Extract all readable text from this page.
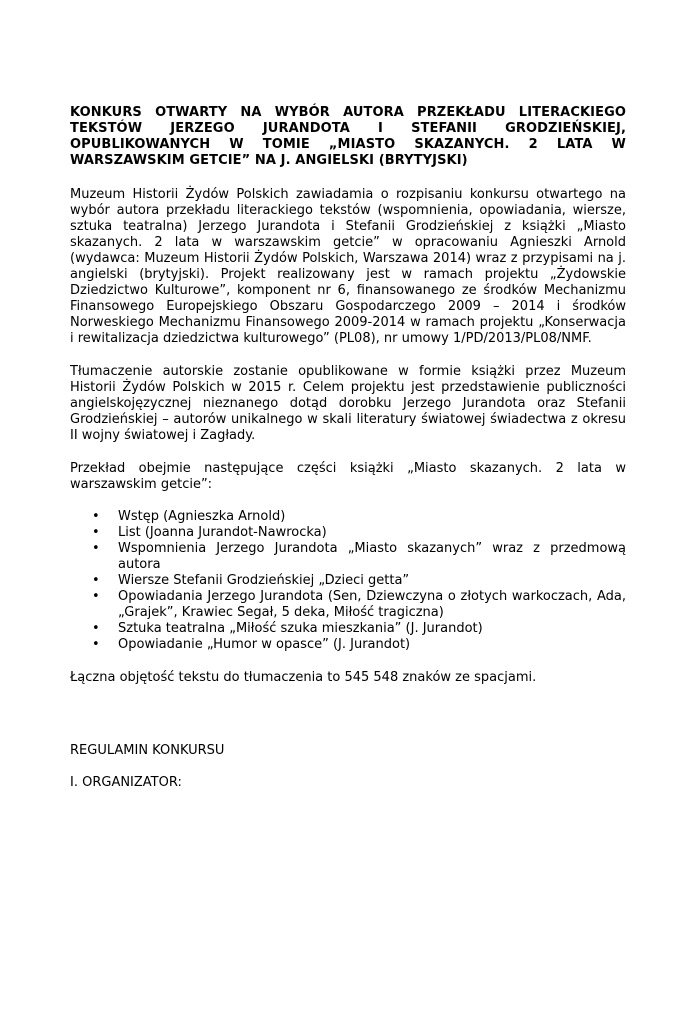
KONKURS OTWARTY NA WYBÓR AUTORA PRZEKŁADU LITERACKIEGO TEKSTÓW JERZEGO JURANDOTA I STEFANII GRODZIEŃSKIEJ, OPUBLIKOWANYCH W TOMIE „MIASTO SKAZANYCH. 2 LATA W WARSZAWSKIM GETCIE” NA J. ANGIELSKI (BRYTYJSKI)

Muzeum Historii Żydów Polskich zawiadamia o rozpisaniu konkursu otwartego na wybór autora przekładu literackiego tekstów (wspomnienia, opowiadania, wiersze, sztuka teatralna) Jerzego Jurandota i Stefanii Grodzieńskiej z książki „Miasto skazanych. 2 lata w warszawskim getcie” w opracowaniu Agnieszki Arnold (wydawca: Muzeum Historii Żydów Polskich, Warszawa 2014) wraz z przypisami na j. angielski (brytyjski). Projekt realizowany jest w ramach projektu „Żydowskie Dziedzictwo Kulturowe”, komponent nr 6, finansowanego ze środków Mechanizmu Finansowego Europejskiego Obszaru Gospodarczego 2009 – 2014 i środków Norweskiego Mechanizmu Finansowego 2009-2014 w ramach projektu „Konserwacja i rewitalizacja dziedzictwa kulturowego” (PL08), nr umowy 1/PD/2013/PL08/NMF.

Tłumaczenie autorskie zostanie opublikowane w formie książki przez Muzeum Historii Żydów Polskich w 2015 r. Celem projektu jest przedstawienie publiczności angielskojęzycznej nieznanego dotąd dorobku Jerzego Jurandota oraz Stefanii Grodzieńskiej – autorów unikalnego w skali literatury światowej świadectwa z okresu II wojny światowej i Zagłady.

Przekład obejmie następujące części książki „Miasto skazanych. 2 lata w warszawskim getcie”:

• Wstęp (Agnieszka Arnold)
• List (Joanna Jurandot-Nawrocka)
• Wspomnienia Jerzego Jurandota „Miasto skazanych” wraz z przedmową autora
• Wiersze Stefanii Grodzieńskiej „Dzieci getta”
• Opowiadania Jerzego Jurandota (Sen, Dziewczyna o złotych warkoczach, Ada, „Grajek”, Krawiec Segał, 5 deka, Miłość tragiczna)
• Sztuka teatralna „Miłość szuka mieszkania” (J. Jurandot)
• Opowiadanie „Humor w opasce” (J. Jurandot)

Łączna objętość tekstu do tłumaczenia to 545 548 znaków ze spacjami.

REGULAMIN KONKURSU

I. ORGANIZATOR:
